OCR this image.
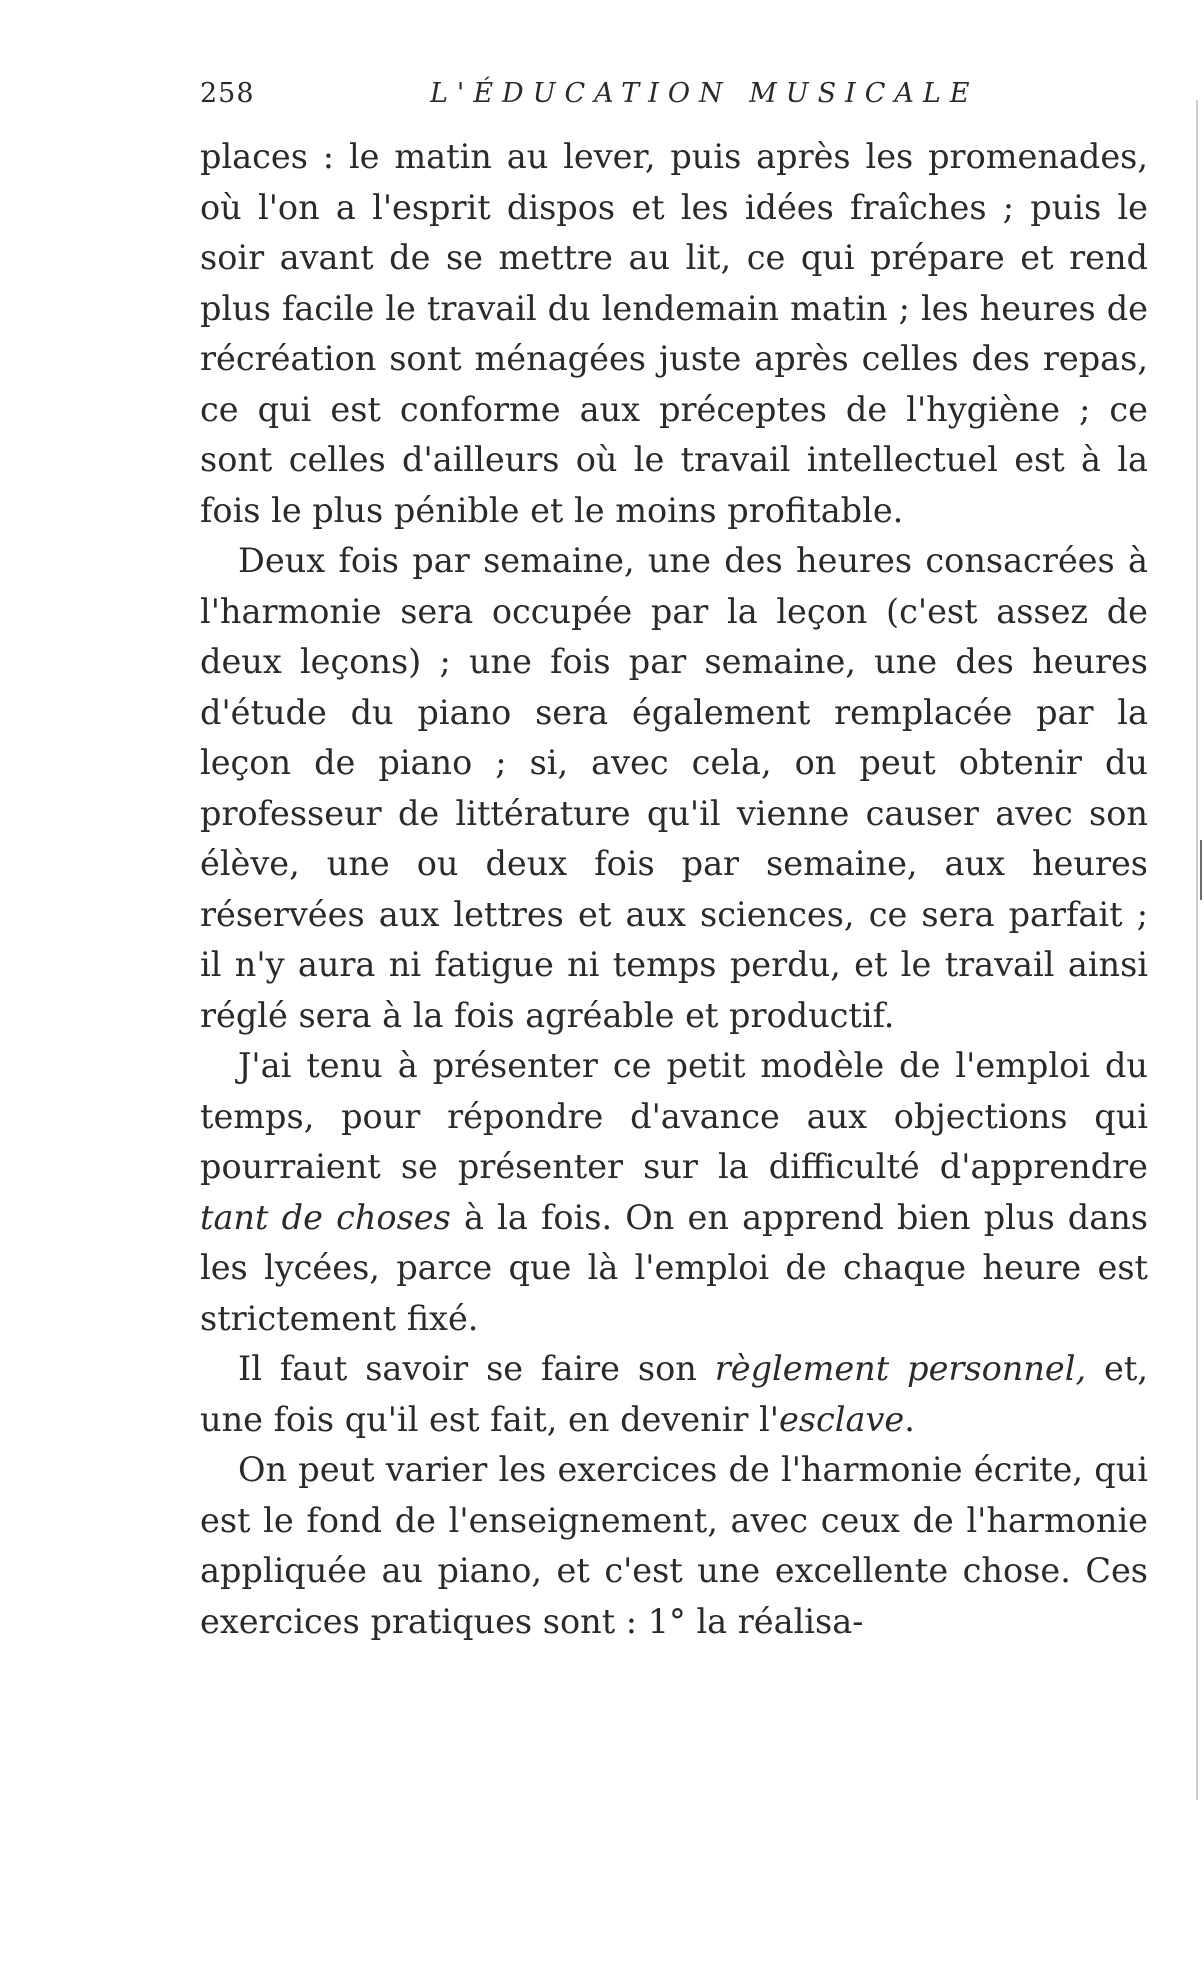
258	L'ÉDUCATION MUSICALE

places : le matin au lever, puis après les promenades, où l'on a l'esprit dispos et les idées fraîches ; puis le soir avant de se mettre au lit, ce qui prépare et rend plus facile le travail du lendemain matin ; les heures de récréation sont ménagées juste après celles des repas, ce qui est conforme aux préceptes de l'hygiène ; ce sont celles d'ailleurs où le travail intellectuel est à la fois le plus pénible et le moins profitable.

Deux fois par semaine, une des heures consacrées à l'harmonie sera occupée par la leçon (c'est assez de deux leçons) ; une fois par semaine, une des heures d'étude du piano sera également remplacée par la leçon de piano ; si, avec cela, on peut obtenir du professeur de littérature qu'il vienne causer avec son élève, une ou deux fois par semaine, aux heures réservées aux lettres et aux sciences, ce sera parfait ; il n'y aura ni fatigue ni temps perdu, et le travail ainsi réglé sera à la fois agréable et productif.

J'ai tenu à présenter ce petit modèle de l'emploi du temps, pour répondre d'avance aux objections qui pourraient se présenter sur la difficulté d'apprendre tant de choses à la fois. On en apprend bien plus dans les lycées, parce que là l'emploi de chaque heure est strictement fixé.

Il faut savoir se faire son règlement personnel, et, une fois qu'il est fait, en devenir l'esclave.

On peut varier les exercices de l'harmonie écrite, qui est le fond de l'enseignement, avec ceux de l'harmonie appliquée au piano, et c'est une excellente chose. Ces exercices pratiques sont : 1° la réalisa-
